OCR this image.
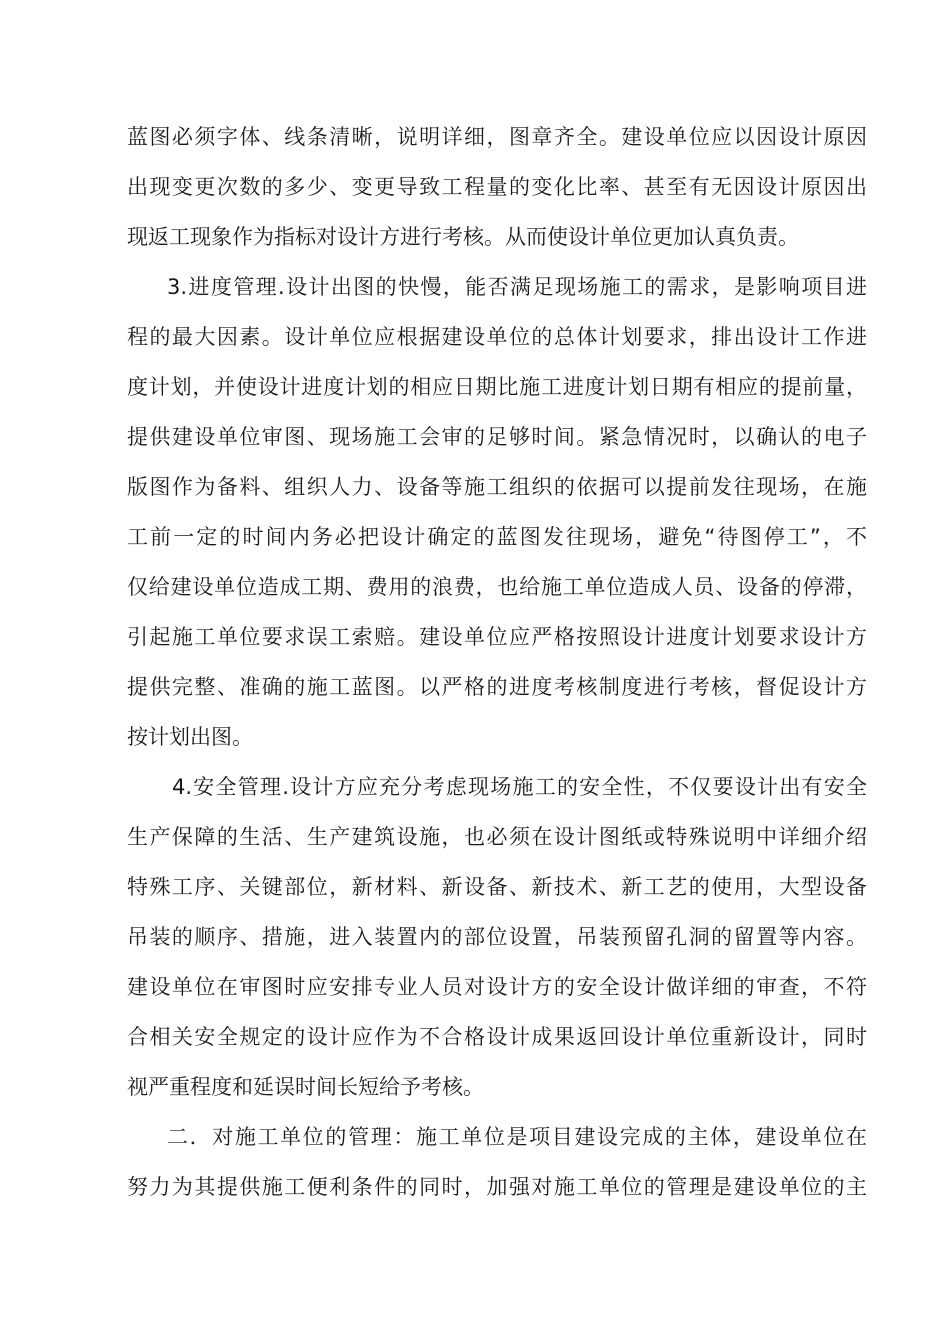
蓝图必须字体、线条清晰，说明详细，图章齐全。建设单位应以因设计原因
出现变更次数的多少、变更导致工程量的变化比率、甚至有无因设计原因出
现返工现象作为指标对设计方进行考核。从而使设计单位更加认真负责。
3.进度管理.设计出图的快慢，能否满足现场施工的需求，是影响项目进
程的最大因素。设计单位应根据建设单位的总体计划要求，排出设计工作进
度计划，并使设计进度计划的相应日期比施工进度计划日期有相应的提前量，
提供建设单位审图、现场施工会审的足够时间。紧急情况时，以确认的电子
版图作为备料、组织人力、设备等施工组织的依据可以提前发往现场，在施
工前一定的时间内务必把设计确定的蓝图发往现场，避免“待图停工”，不
仅给建设单位造成工期、费用的浪费，也给施工单位造成人员、设备的停滞，
引起施工单位要求误工索赔。建设单位应严格按照设计进度计划要求设计方
提供完整、准确的施工蓝图。以严格的进度考核制度进行考核，督促设计方
按计划出图。
4.安全管理.设计方应充分考虑现场施工的安全性，不仅要设计出有安全
生产保障的生活、生产建筑设施，也必须在设计图纸或特殊说明中详细介绍
特殊工序、关键部位，新材料、新设备、新技术、新工艺的使用，大型设备
吊装的顺序、措施，进入装置内的部位设置，吊装预留孔洞的留置等内容。
建设单位在审图时应安排专业人员对设计方的安全设计做详细的审查，不符
合相关安全规定的设计应作为不合格设计成果返回设计单位重新设计，同时
视严重程度和延误时间长短给予考核。
二．对施工单位的管理：施工单位是项目建设完成的主体，建设单位在
努力为其提供施工便利条件的同时，加强对施工单位的管理是建设单位的主
